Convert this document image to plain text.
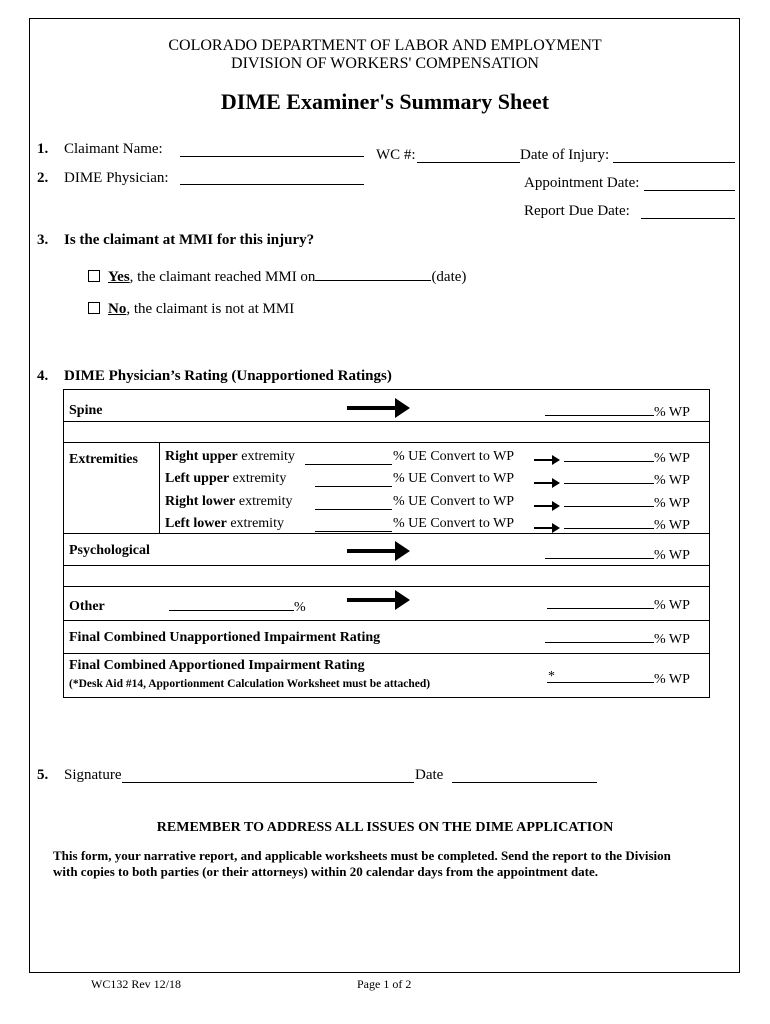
COLORADO DEPARTMENT OF LABOR AND EMPLOYMENT
DIVISION OF WORKERS' COMPENSATION
DIME Examiner's Summary Sheet
1. Claimant Name:	WC #:	Date of Injury:
2. DIME Physician:	Appointment Date:
Report Due Date:
3. Is the claimant at MMI for this injury?
Yes, the claimant reached MMI on	(date)
No, the claimant is not at MMI
4. DIME Physician’s Rating (Unapportioned Ratings)
Spine	% WP
Extremities Right upper extremity	% UE Convert to WP	% WP
Left upper extremity	% UE Convert to WP	% WP
Right lower extremity	% UE Convert to WP	% WP
Left lower extremity	% UE Convert to WP	% WP
Psychological	% WP
Other	%	% WP
Final Combined Unapportioned Impairment Rating	% WP
Final Combined Apportioned Impairment Rating
(*Desk Aid #14, Apportionment Calculation Worksheet must be attached)	*	% WP
5. Signature	Date
REMEMBER TO ADDRESS ALL ISSUES ON THE DIME APPLICATION
This form, your narrative report, and applicable worksheets must be completed. Send the report to the Division
with copies to both parties (or their attorneys) within 20 calendar days from the appointment date.
WC132 Rev 12/18	Page 1 of 2
